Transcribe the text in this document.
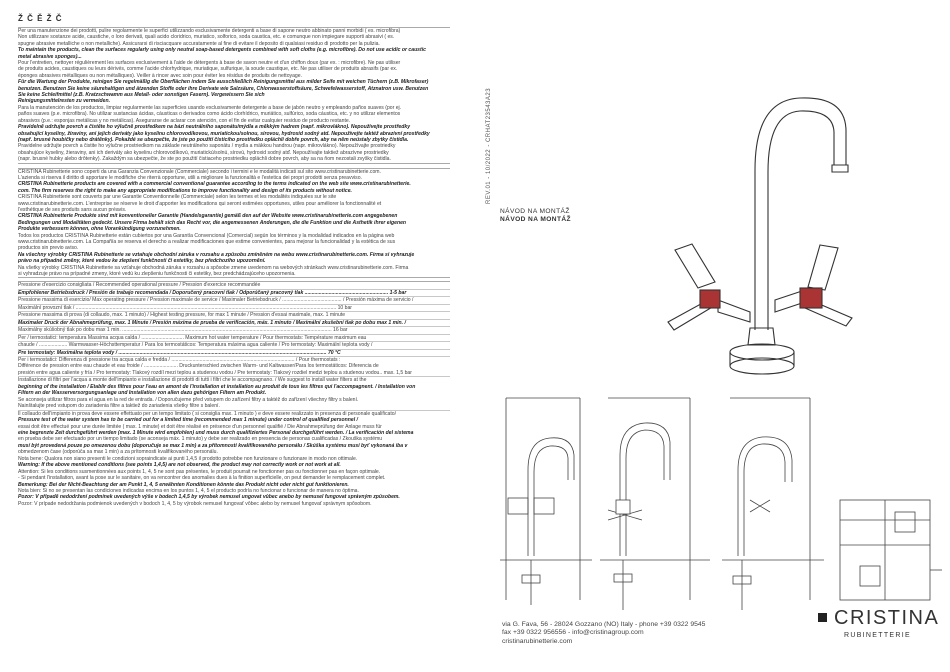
Ž Č Ě Ž Č

Per una manutenzione dei prodotti, pulire regolarmente le superfici utilizzando esclusivamente detergenti a base di sapone neutro abbinato panni morbidi ( es. microfibra)

Non utilizzare sostanze acide, caustiche, o loro derivati, quali acido cloridrico, muriatico, solforico, soda caustica, etc. e comunque non impiegare supporti abrasivi ( es.

spugne abrasive metalliche o non metalliche). Assicurarsi di risciacquare accuratamente al fine di evitare il deposito di qualsiasi residuo di prodotto per la pulizia.

To maintain the products, clean the surfaces regularly using only neutral soap-based detergents combined with soft cloths (e.g. microfibre). Do not use acidic or caustic

metal abrasive sponges)...

Pour l'entretien, nettoyer régulièrement les surfaces exclusivement à l'aide de détergents à base de savon neutre et d'un chiffon doux (par ex. : microfibre). Ne pas utiliser

de produits acides, caustiques ou leurs dérivés, comme l'acide chlorhydrique, muriatique, sulfurique, la soude caustique, etc. Ne pas utiliser de produits abrasifs (par ex.

éponges abrasives métalliques ou non métalliques). Veiller à rincer avec soin pour éviter les résidus de produits de nettoyage.

Für die Wartung der Produkte, reinigen Sie regelmäßig die Oberflächen indem Sie ausschließlich Reinigungsmittel aus milder Seife mit weichen Tüchern (z.B. Mikrofaser)

benutzen. Benutzen Sie keine säurehaltigen und ätzenden Stoffe oder ihre Derivate wie Salzsäure, Chlorwasserstoffsäure, Schwefelwasserstoff, Ätznatron usw. Benutzen

Sie keine Schleifmittel (z.B. Kratzschwamm aus Metall- oder sonstigen Fasern). Vergewissern Sie sich

Reinigungsmittelresten zu vermeiden.

Para la manutención de los productos, limpiar regularmente las superficies usando exclusivamente detergente a base de jabón neutro y empleando paños suaves (por ej.

paños suaves (p.e. microfibra). No utilizar sustancias ácidas, cáusticas o derivados como ácido clorhídrico, muriático, sulfúrico, soda cáustica, etc. y no utilizar elementos

abrasivos (p.e.: esponjas metálicas y no metálicas). Asegurarse de aclarar con atención, con el fin de evitar cualquier residuo de producto restante.

Pravidelně udržujte povrch a čistěte ho výlučně prostředkem na bázi neutrálního saponátu/mýdla a měkkým hadrem (např. mikrovlákno). Nepoužívejte prostředky

obsahující kyseliny, žíraviny, ani jejich deriváty jako kyselinu chlorovodíkovou, muriatickou/solnou, sírovou, hydroxid sodný atd. Nepoužívejte taktéž abrazivní prostředky

(např. brusné houbičky nebo drátěnky). Pokaždé se ubezpečte, že jste po použití čisticího prostředku opláchli dobře povrch, aby na něm neústaly zbytky čistidla.

Pravidelne udržujte povrch a čistite ho výlučne prostriedkom na základe neutrálneho saponátu / mydla a mäkkou handrou (napr. mikrovlákno). Nepoužívajte prostriedky

obsahujúce kyseliny, žieraviny, ani ich deriváty ako kyselinu chlorovodíkovú, muriatickú/solnú, sírovú, hydroxid sodný atď. Nepoužívajte taktiež abrazívne prostriedky

(napr. brusné hubky alebo drôtenky). Zakaždým sa ubezpečte, že ste po použití čistiaceho prostriedku opláchli dobre povrch, aby sa na ňom nezostali zvyšky čistidla.

CRISTINA Rubinetterie sono coperti da una Garanzia Convenzionale (Commerciale) secondo i termini e le modalità indicati sul sito www.cristinarubinetterie.com.

L'azienda si riserva il diritto di apportare le modifiche che riterrà opportune, utili a migliorare la funzionalità e l'estetica dei propri prodotti senza preavviso.

CRISTINA Rubinetterie products are covered with a commercial conventional guarantee according to the terms indicated on the web site www.cristinarubinetterie.

com. The firm reserves the right to make any appropriate modifications to improve functionality and design of its products without notice.

CRISTINA Rubinetterie sont couverts par une Garantie Conventionnelle (Commerciale) selon les termes et les modalités indiquées sur le site

www.cristinarubinetterie.com. L'entreprise se réserve le droit d'apporter les modifications qui seront estimées opportunes, utiles pour améliorer la fonctionnalité et

l'esthétique de ses produits sans aucun préavis.

CRISTINA Rubinetterie Produkte sind mit konventioneller Garantie (Handelsgarantie) gemäß den auf der Website www.cristinarubinetterie.com angegebenen

Bedingungen und Modalitäten gedeckt. Unsere Firma behält sich das Recht vor, die angemessenen Änderungen, die die Funktion und die Ästhetik ihrer eigenen

Produkte verbessern können, ohne Vorankündigung vorzunehmen.

Todos los productos CRISTINA Rubinetterie están cubiertos por una Garantía Convencional (Comercial) según los términos y la modalidad indicados en la página web

www.cristinarubinetterie.com. La Compañía se reserva el derecho a realizar modificaciones que estime convenientes, para mejorar la funcionalidad y la estética de sus

productos sin previo aviso.

Na všechny výrobky CRISTINA Rubinetterie se vztahuje obchodní záruka v rozsahu a způsobu zmíněném na webu www.cristinarubinetterie.com. Firma si vyhrazuje

právo na případné změny, které vedou ke zlepšení funkčnosti či estetiky, bez předchozího upozornění.

Na všetky výrobky CRISTINA Rubinetterie sa vzťahuje obchodná záruka v rozsahu a spôsobe zmene uvedenom na webových stránkach www.cristinarubinetterie.com. Firma

si vyhradzuje právo na prípadné zmeny, ktoré vedú ku zlepšeniu funkčnosti či estetiky, bez predchádzajúceho upozornenia.

Pressione d'esercizio consigliata / Recommended operational pressure / Pression d'exercice recommandée

Empfohlener Betriebsdruck / Presión de trabajo recomendada / Doporučený pracovní tlak / Odporúčaný pracovný tlak ........................................................... 1-5 bar

Pressione massima di esercizio/ Max operating pressure / Pression maximale de service / Maximaler Betriebsdruck / .......................................... / Pressión máxima de servicio /

Maximální provozní tlak / ........................................................................................................................................................................................ 10 bar

Pressione massima di prova (di collaudo, max. 1 minuto) / Highest testing pressure, for max 1 minute / Pression d'essai maximale, max. 1 minute

Maximaler Druck der Abnahmeprüfung, max. 1 Minute / Presión máxima de prueba de verificación, máx. 1 minuto / Maximální zkušební tlak po dobu max 1 min. /

Maximálny skúšobný tlak po dobu max 1 min. .................................................................................................................................................... 16 bar

Per / termostatici: temperatura Massima acqua calda / .............................. Maximum hot water temperature / Pour thermostats: Température maximum eau

chaude / .................... Warmwasser-Höchsttemperatur / Para los termostáticos: Temperatura máxima agua caliente / Pro termostaty: Maximální teplota vody /

Pre termostaty: Maximálna teplota vody / ................................................................................................................................................... 70 °C

Per i termostatici: Differenza di pressione tra acqua calda e fredda / ....................................................................................... / Pour thermostats :

Différence de pression entre eau chaude et eau froide / ........................ Druckunterschied zwischen Warm- und Kaltwasser/Para los termostáticos: Diferencia de

presión entre agua caliente y fría / Pro termostaty: Tlakový rozdíl mezi teplou a studenou vodou / Pre termostaty: Tlakový rozdiel medzi teplou a studenou vodou.. max. 1,5 bar

Installazione di filtri per l'acqua a monte dell'impianto e installazione di prodotti di tutti i filtri che le accompagnano. / We suggest to install water filters at the

beginning of the installation / Etablir des filtres pour l'eau en amont de l'installation et installation au produit de tous les filtres qui l'accompagnent. / Installation von

Filtern an der Wasserversorgungsanlage und Installation von allen dazu gehörigen Filtern am Produkt.

Se aconseja utilizar filtros para el agua en la red de entrada. / Doporučujeme před vstupem do zařízení filtry a taktéž do zařízení všechny filtry s balení.

Nainštalujte pred vstupom do zariadenia filtre a taktiež do zariadenia všetky filtre s balení.

Il collaudo dell'impianto in prova deve essere effettuato per un tempo limitato ( si consiglia max. 1 minuto ) e deve essere realizzato in presenza di personale qualificato/

Pressure test of the water system has to be carried out for a limited time (recommended max 1 minute) under control of qualified personnel /

essai doit être effectué pour une durée limitée ( max. 1 minute) et doit être réalisé en présence d'un personnel qualifié / Die Abnahmeprüfung der Anlage muss für

eine begrenzte Zeit durchgeführt werden (max. 1 Minute wird empfohlen) und muss durch qualifiziertes Personal durchgeführt werden. / La verificación del sistema

en prueba debe ser efectuado por un tiempo limitado (se aconseja máx. 1 minuto) y debe ser realizado en presencia de personas cualificadas / Zkouška systému

musí být provedená pouze po omezenou dobu (doporučuje se max 1 min) a za přítomnosti kvalifikovaného personálu / Skúška systému musí byť vykonaná iba v

obmedzenom čase (odporúča sa max 1 min) a za prítomnosti kvalifikovaného personálu.

Nota bene: Qualora non siano presenti le condizioni sopraindicate ai punti 1,4,5 il prodotto potrebbe non funzionare o funzionare in modo non ottimale.

Warning: If the above mentioned conditions (see points 1,4,5) are not observed, the product may not correctly work or not work at all.

Attention: Si les conditions susmentionnées aux points 1, 4, 5 ne sont pas présentes, le produit pourrait ne fonctionner pas ou fonctionner pas en façon optimale.

- Si pendant l'installation, avant la pose sur le sanitaire, on va rencontrer des anomalies dues à la finition superficielle, on peut demander le remplacement complet.

Bemerkung: Bei der Nicht-Beachtung der am Punkt 1, 4, 5 erwähnten Konditionen könnte das Produkt nicht oder nicht gut funktionieren.

Nota bien: Si no se presentan las condiciones indicadas encima en los puntos 1, 4, 5 el producto podría no funcionar o funcionar de manera no óptima.

Pozor: V případě nedodržení podmínek uvedených výše v bodech 1,4,5 by výrobek nemusel ungovat vůbec anebo by nemusel fungovat správným způsobem.

Pozor: V prípade nedodržania podmienok uvedených v bodoch 1, 4, 5 by výrobok nemusel fungovať vôbec alebo by nemusel fungovať správnym spôsobom.

REV.01 - 10/2022 - CRHAT23543A23
NÁVOD NA MONTÁŽ
NÁVOD NA MONTÁŽ
CRISTINA
RUBINETTERIE
via G. Fava, 56 - 28024 Gozzano (NO) Italy - phone +39 0322 9545
fax +39 0322 956556 - info@cristinagroup.com
cristinarubinetterie.com
